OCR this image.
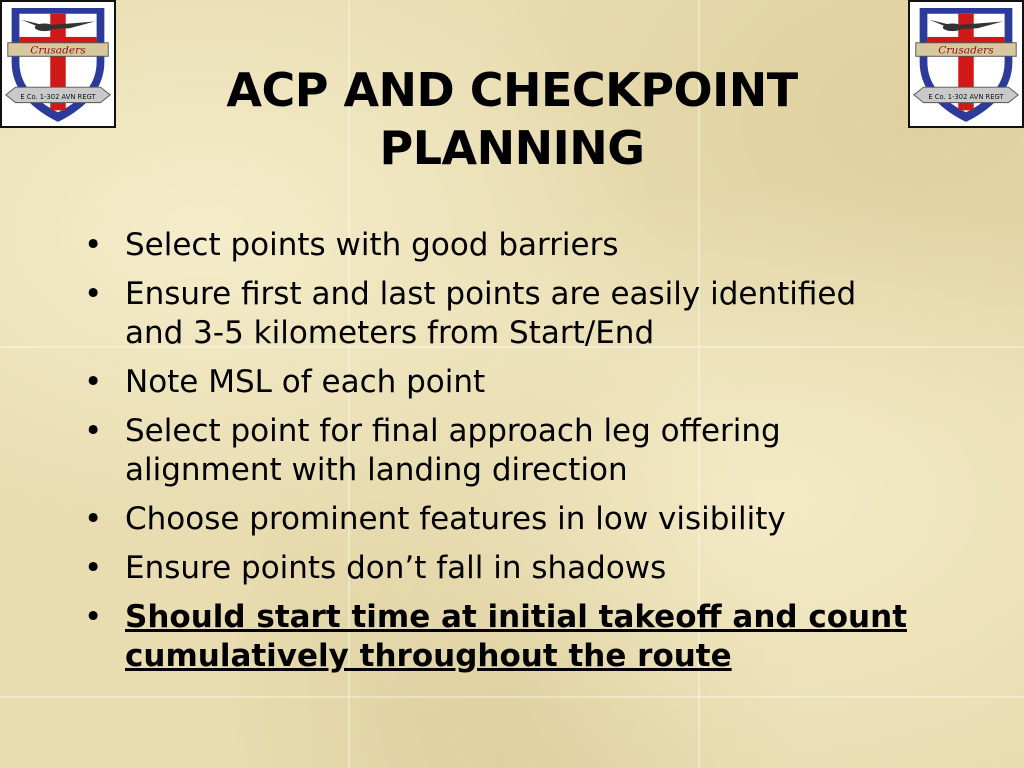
Crusaders
E Co. 1-302 AVN REGT
Crusaders
E Co. 1-302 AVN REGT
ACP AND CHECKPOINT
PLANNING
• Select points with good barriers
• Ensure first and last points are easily identified and 3-5 kilometers from Start/End
• Note MSL of each point
• Select point for final approach leg offering alignment with landing direction
• Choose prominent features in low visibility
• Ensure points don’t fall in shadows
• Should start time at initial takeoff and count cumulatively throughout the route
